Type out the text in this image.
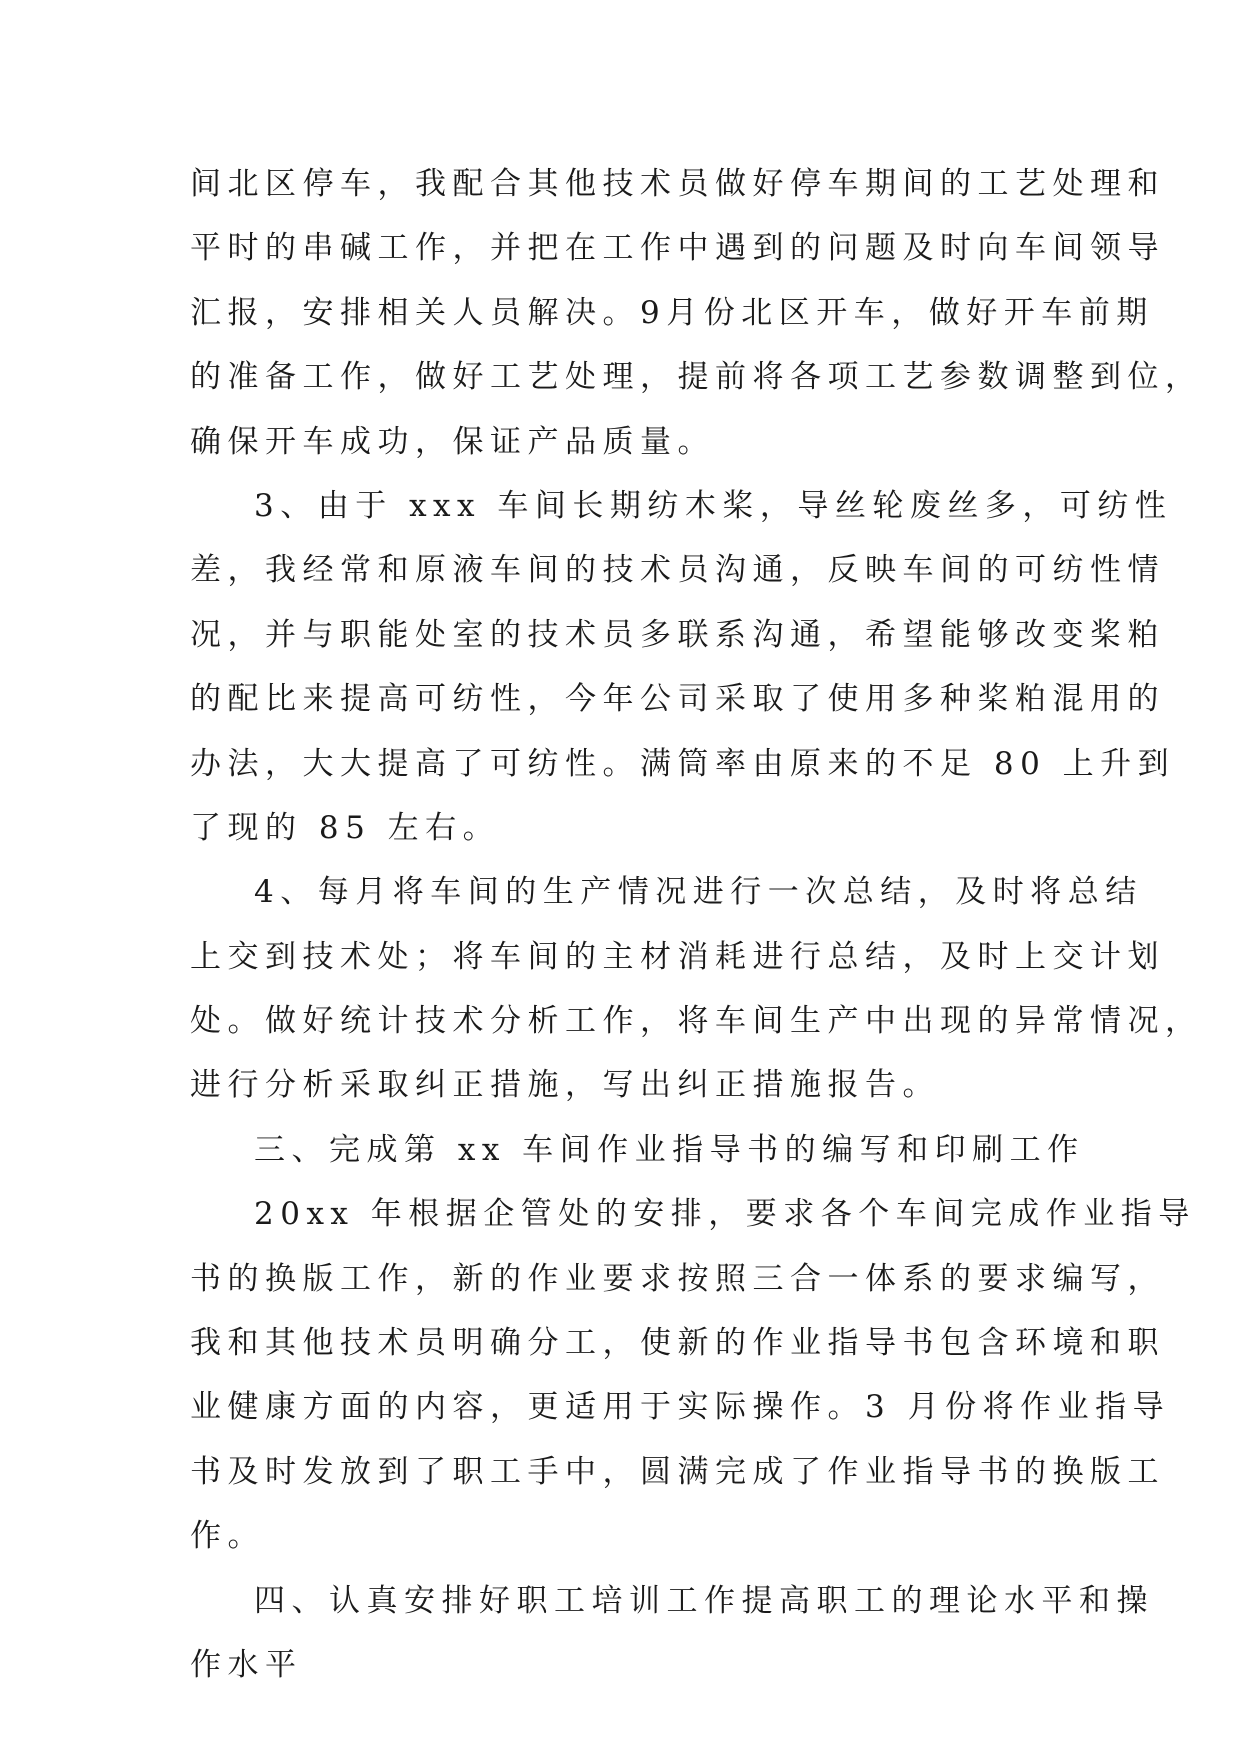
间北区停车，我配合其他技术员做好停车期间的工艺处理和
平时的串碱工作，并把在工作中遇到的问题及时向车间领导
汇报，安排相关人员解决。9月份北区开车，做好开车前期
的准备工作，做好工艺处理，提前将各项工艺参数调整到位，
确保开车成功，保证产品质量。
3、由于 xxx 车间长期纺木桨，导丝轮废丝多，可纺性
差，我经常和原液车间的技术员沟通，反映车间的可纺性情
况，并与职能处室的技术员多联系沟通，希望能够改变桨粕
的配比来提高可纺性，今年公司采取了使用多种桨粕混用的
办法，大大提高了可纺性。满筒率由原来的不足 80 上升到
了现的 85 左右。
4、每月将车间的生产情况进行一次总结，及时将总结
上交到技术处；将车间的主材消耗进行总结，及时上交计划
处。做好统计技术分析工作，将车间生产中出现的异常情况，
进行分析采取纠正措施，写出纠正措施报告。
三、完成第 xx 车间作业指导书的编写和印刷工作
20xx 年根据企管处的安排，要求各个车间完成作业指导
书的换版工作，新的作业要求按照三合一体系的要求编写，
我和其他技术员明确分工，使新的作业指导书包含环境和职
业健康方面的内容，更适用于实际操作。3 月份将作业指导
书及时发放到了职工手中，圆满完成了作业指导书的换版工
作。
四、认真安排好职工培训工作提高职工的理论水平和操
作水平
